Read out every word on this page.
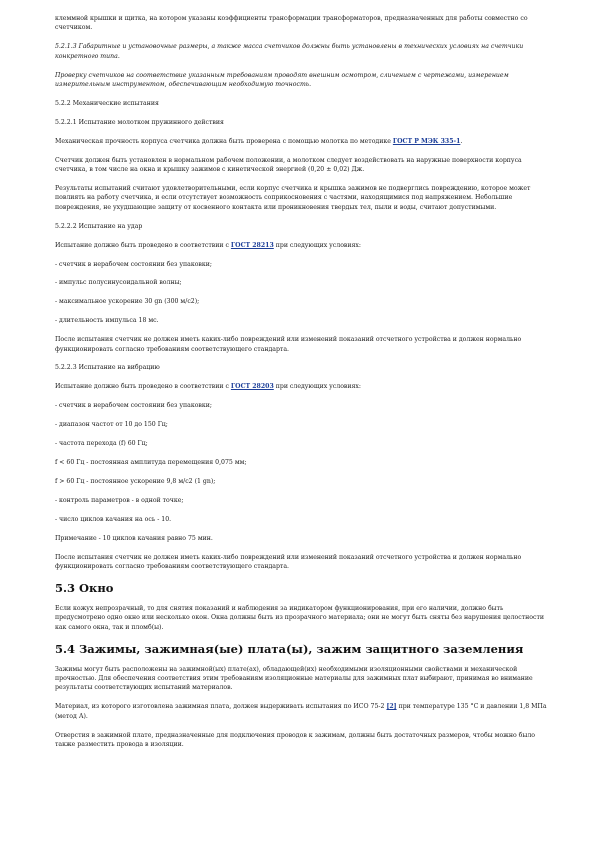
клеммной крышки и щитка, на котором указаны коэффициенты трансформации трансформаторов, предназначенных для работы совместно со счетчиком.

5.2.1.3 Габаритные и установочные размеры, а также масса счетчиков должны быть установлены в технических условиях на счетчики конкретного типа.

Проверку счетчиков на соответствие указанным требованиям проводят внешним осмотром, сличением с чертежами, измерением измерительным инструментом, обеспечивающим необходимую точность.

5.2.2 Механические испытания

5.2.2.1 Испытание молотком пружинного действия

Механическая прочность корпуса счетчика должна быть проверена с помощью молотка по методике ГОСТ Р МЭК 335-1.

Счетчик должен быть установлен в нормальном рабочем положении, а молотком следует воздействовать на наружные поверхности корпуса счетчика, в том числе на окна и крышку зажимов с кинетической энергией (0,20 ± 0,02) Дж.

Результаты испытаний считают удовлетворительными, если корпус счетчика и крышка зажимов не подверглись повреждению, которое может повлиять на работу счетчика, и если отсутствует возможность соприкосновения с частями, находящимися под напряжением. Небольшие повреждения, не ухудшающие защиту от косвенного контакта или проникновения твердых тел, пыли и воды, считают допустимыми.

5.2.2.2 Испытание на удар

Испытание должно быть проведено в соответствии с ГОСТ 28213 при следующих условиях:

- счетчик в нерабочем состоянии без упаковки;

- импульс полусинусоидальной волны;

- максимальное ускорение 30 gn (300 м/с2);

- длительность импульса 18 мс.

После испытания счетчик не должен иметь каких-либо повреждений или изменений показаний отсчетного устройства и должен нормально функционировать согласно требованиям соответствующего стандарта.

5.2.2.3 Испытание на вибрацию

Испытание должно быть проведено в соответствии с ГОСТ 28203 при следующих условиях:

- счетчик в нерабочем состоянии без упаковки;

- диапазон частот от 10 до 150 Гц;

- частота перехода (f) 60 Гц;

f < 60 Гц - постоянная амплитуда перемещения 0,075 мм;

f > 60 Гц - постоянное ускорение 9,8 м/с2 (1 gn);

- контроль параметров - в одной точке;

- число циклов качания на ось - 10.

Примечание - 10 циклов качания равно 75 мин.

После испытания счетчик не должен иметь каких-либо повреждений или изменений показаний отсчетного устройства и должен нормально функционировать согласно требованиям соответствующего стандарта.

5.3 Окно

Если кожух непрозрачный, то для снятия показаний и наблюдения за индикатором функционирования, при его наличии, должно быть предусмотрено одно окно или несколько окон. Окна должны быть из прозрачного материала; они не могут быть сняты без нарушения целостности как самого окна, так и пломб(ы).

5.4 Зажимы, зажимная(ые) плата(ы), зажим защитного заземления

Зажимы могут быть расположены на зажимной(ых) плате(ах), обладающей(их) необходимыми изоляционными свойствами и механической прочностью. Для обеспечения соответствия этим требованиям изоляционные материалы для зажимных плат выбирают, принимая во внимание результаты соответствующих испытаний материалов.

Материал, из которого изготовлена зажимная плата, должен выдерживать испытания по ИСО 75-2 [2] при температуре 135 °С и давлении 1,8 МПа (метод А).

Отверстия в зажимной плате, предназначенные для подключения проводов к зажимам, должны быть достаточных размеров, чтобы можно было также разместить провода в изоляции.
